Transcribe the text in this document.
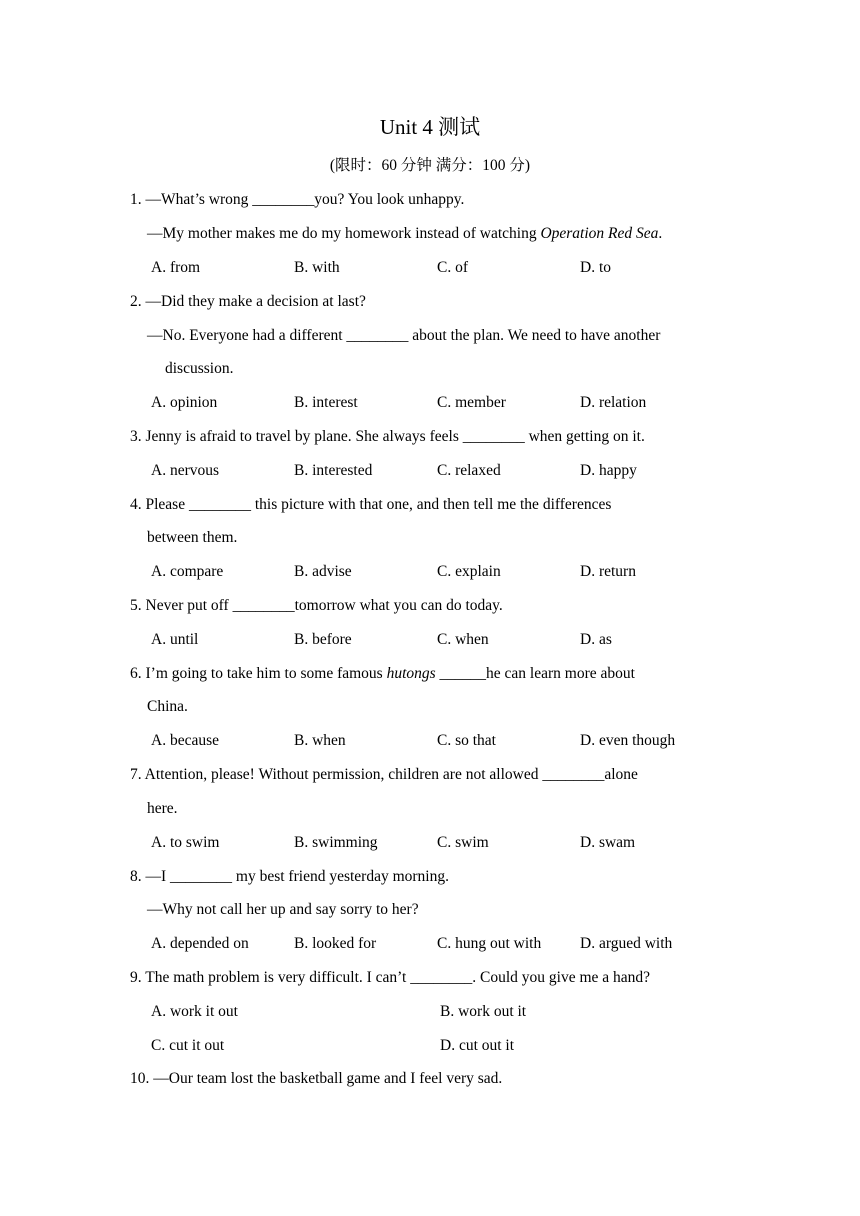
Unit 4 测试
(限时：60 分钟 满分：100 分)
1. —What’s wrong ________you? You look unhappy.
—My mother makes me do my homework instead of watching Operation Red Sea.
A. from	B. with	C. of	D. to
2. —Did they make a decision at last?
—No. Everyone had a different ________ about the plan. We need to have another
discussion.
A. opinion	B. interest	C. member	D. relation
3. Jenny is afraid to travel by plane. She always feels ________ when getting on it.
A. nervous	B. interested	C. relaxed	D. happy
4. Please ________ this picture with that one, and then tell me the differences
between them.
A. compare	B. advise	C. explain	D. return
5. Never put off ________tomorrow what you can do today.
A. until	B. before	C. when	D. as
6. I’m going to take him to some famous hutongs ______he can learn more about
China.
A. because	B. when	C. so that	D. even though
7. Attention, please! Without permission, children are not allowed ________alone
here.
A. to swim	B. swimming	C. swim	D. swam
8. —I ________ my best friend yesterday morning.
—Why not call her up and say sorry to her?
A. depended on	B. looked for	C. hung out with	D. argued with
9. The math problem is very difficult. I can’t ________. Could you give me a hand?
A. work it out	B. work out it
C. cut it out	D. cut out it
10. —Our team lost the basketball game and I feel very sad.
